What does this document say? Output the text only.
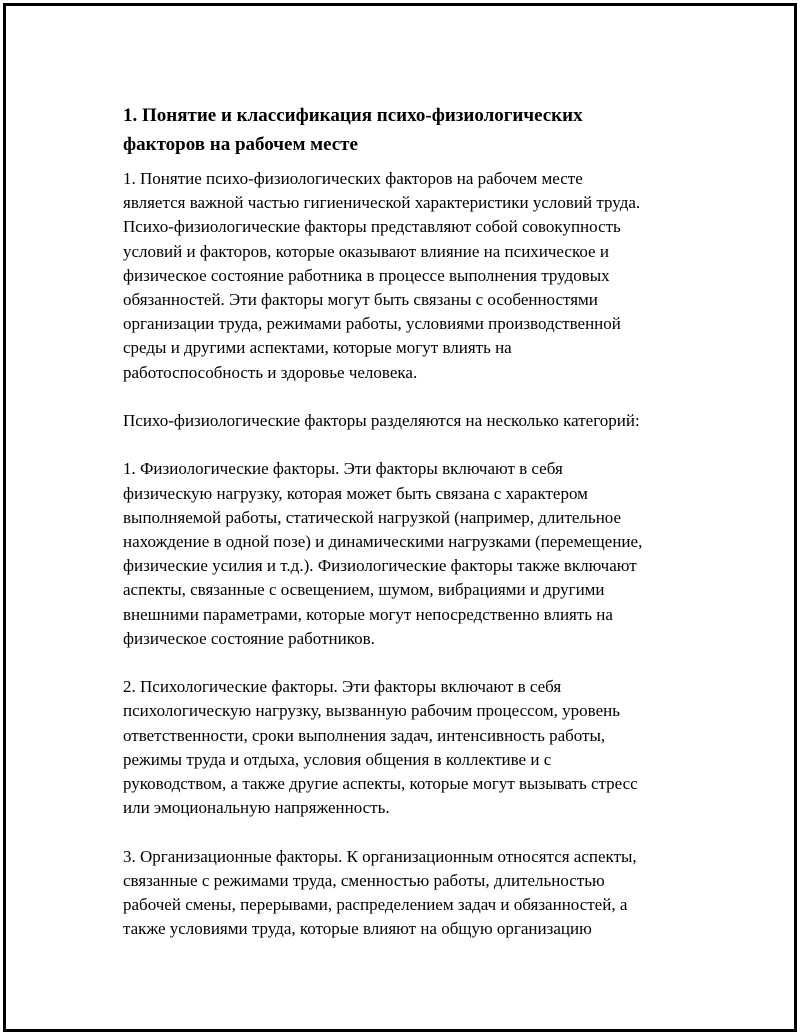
1. Понятие и классификация психо-физиологических
факторов на рабочем месте

1. Понятие психо-физиологических факторов на рабочем месте
является важной частью гигиенической характеристики условий труда.
Психо-физиологические факторы представляют собой совокупность
условий и факторов, которые оказывают влияние на психическое и
физическое состояние работника в процессе выполнения трудовых
обязанностей. Эти факторы могут быть связаны с особенностями
организации труда, режимами работы, условиями производственной
среды и другими аспектами, которые могут влиять на
работоспособность и здоровье человека.

Психо-физиологические факторы разделяются на несколько категорий:

1. Физиологические факторы. Эти факторы включают в себя
физическую нагрузку, которая может быть связана с характером
выполняемой работы, статической нагрузкой (например, длительное
нахождение в одной позе) и динамическими нагрузками (перемещение,
физические усилия и т.д.). Физиологические факторы также включают
аспекты, связанные с освещением, шумом, вибрациями и другими
внешними параметрами, которые могут непосредственно влиять на
физическое состояние работников.

2. Психологические факторы. Эти факторы включают в себя
психологическую нагрузку, вызванную рабочим процессом, уровень
ответственности, сроки выполнения задач, интенсивность работы,
режимы труда и отдыха, условия общения в коллективе и с
руководством, а также другие аспекты, которые могут вызывать стресс
или эмоциональную напряженность.

3. Организационные факторы. К организационным относятся аспекты,
связанные с режимами труда, сменностью работы, длительностью
рабочей смены, перерывами, распределением задач и обязанностей, а
также условиями труда, которые влияют на общую организацию
